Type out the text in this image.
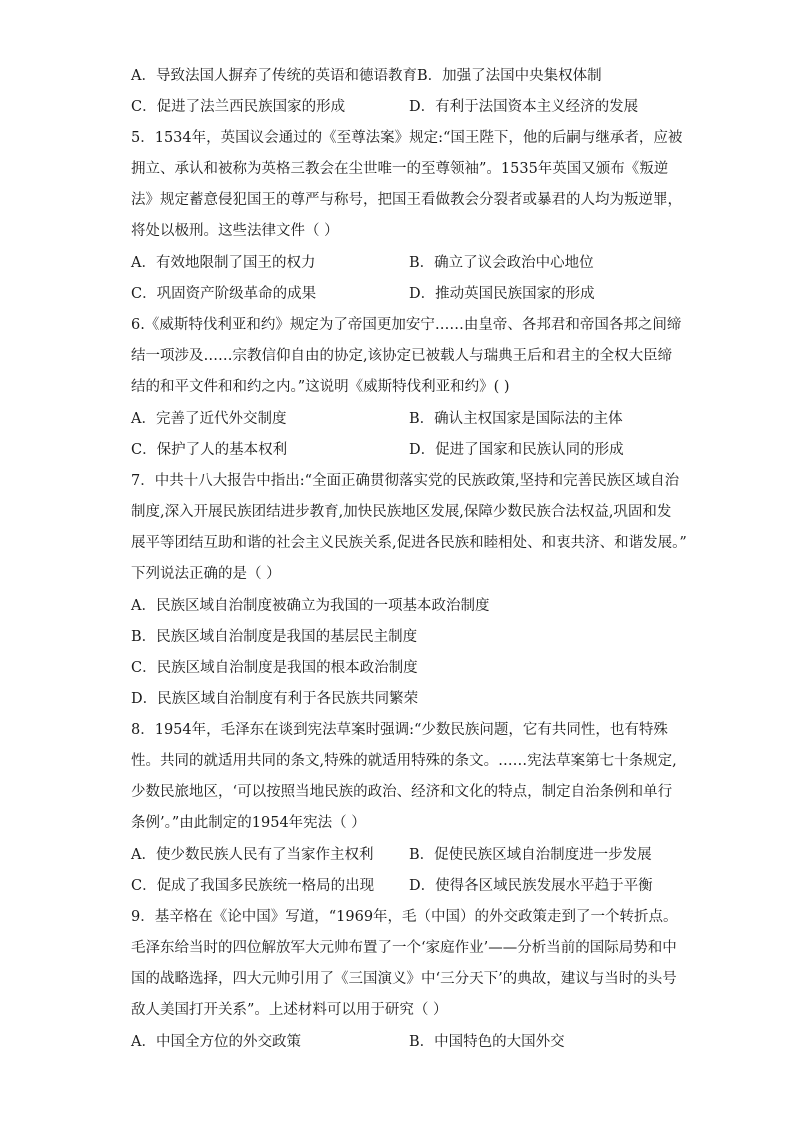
A．导致法国人摒弃了传统的英语和德语教育B．加强了法国中央集权体制
C．促进了法兰西民族国家的形成	D．有利于法国资本主义经济的发展
5．1534年，英国议会通过的《至尊法案》规定:“国王陛下，他的后嗣与继承者，应被
拥立、承认和被称为英格三教会在尘世唯一的至尊领袖”。1535年英国又颁布《叛逆
法》规定蓄意侵犯国王的尊严与称号，把国王看做教会分裂者或暴君的人均为叛逆罪，
将处以极刑。这些法律文件（ ）
A．有效地限制了国王的权力	B．确立了议会政治中心地位
C．巩固资产阶级革命的成果	D．推动英国民族国家的形成
6.《威斯特伐利亚和约》规定为了帝国更加安宁……由皇帝、各邦君和帝国各邦之间缔
结一项涉及……宗教信仰自由的协定,该协定已被载人与瑞典王后和君主的全权大臣缔
结的和平文件和和约之内。”这说明《威斯特伐利亚和约》( )
A．完善了近代外交制度	B．确认主权国家是国际法的主体
C．保护了人的基本权利	D．促进了国家和民族认同的形成
7．中共十八大报告中指出:“全面正确贯彻落实党的民族政策,坚持和完善民族区域自治
制度,深入开展民族团结进步教育,加快民族地区发展,保障少数民族合法权益,巩固和发
展平等团结互助和谐的社会主义民族关系,促进各民族和睦相处、和衷共济、和谐发展。”
下列说法正确的是（ ）
A．民族区域自治制度被确立为我国的一项基本政治制度
B．民族区域自治制度是我国的基层民主制度
C．民族区域自治制度是我国的根本政治制度
D．民族区域自治制度有利于各民族共同繁荣
8．1954年，毛泽东在谈到宪法草案时强调:“少数民族问题，它有共同性，也有特殊
性。共同的就适用共同的条文,特殊的就适用特殊的条文。……宪法草案第七十条规定,
少数民旅地区，‘可以按照当地民族的政治、经济和文化的特点，制定自治条例和单行
条例’。”由此制定的1954年宪法（ ）
A．使少数民族人民有了当家作主权利 B．促使民族区域自治制度进一步发展
C．促成了我国多民族统一格局的出现 D．使得各区域民族发展水平趋于平衡
9．基辛格在《论中国》写道，“1969年，毛（中国）的外交政策走到了一个转折点。
毛泽东给当时的四位解放军大元帅布置了一个‘家庭作业’——分析当前的国际局势和中
国的战略选择，四大元帅引用了《三国演义》中‘三分天下’的典故，建议与当时的头号
敌人美国打开关系”。上述材料可以用于研究（ ）
A．中国全方位的外交政策	B．中国特色的大国外交
